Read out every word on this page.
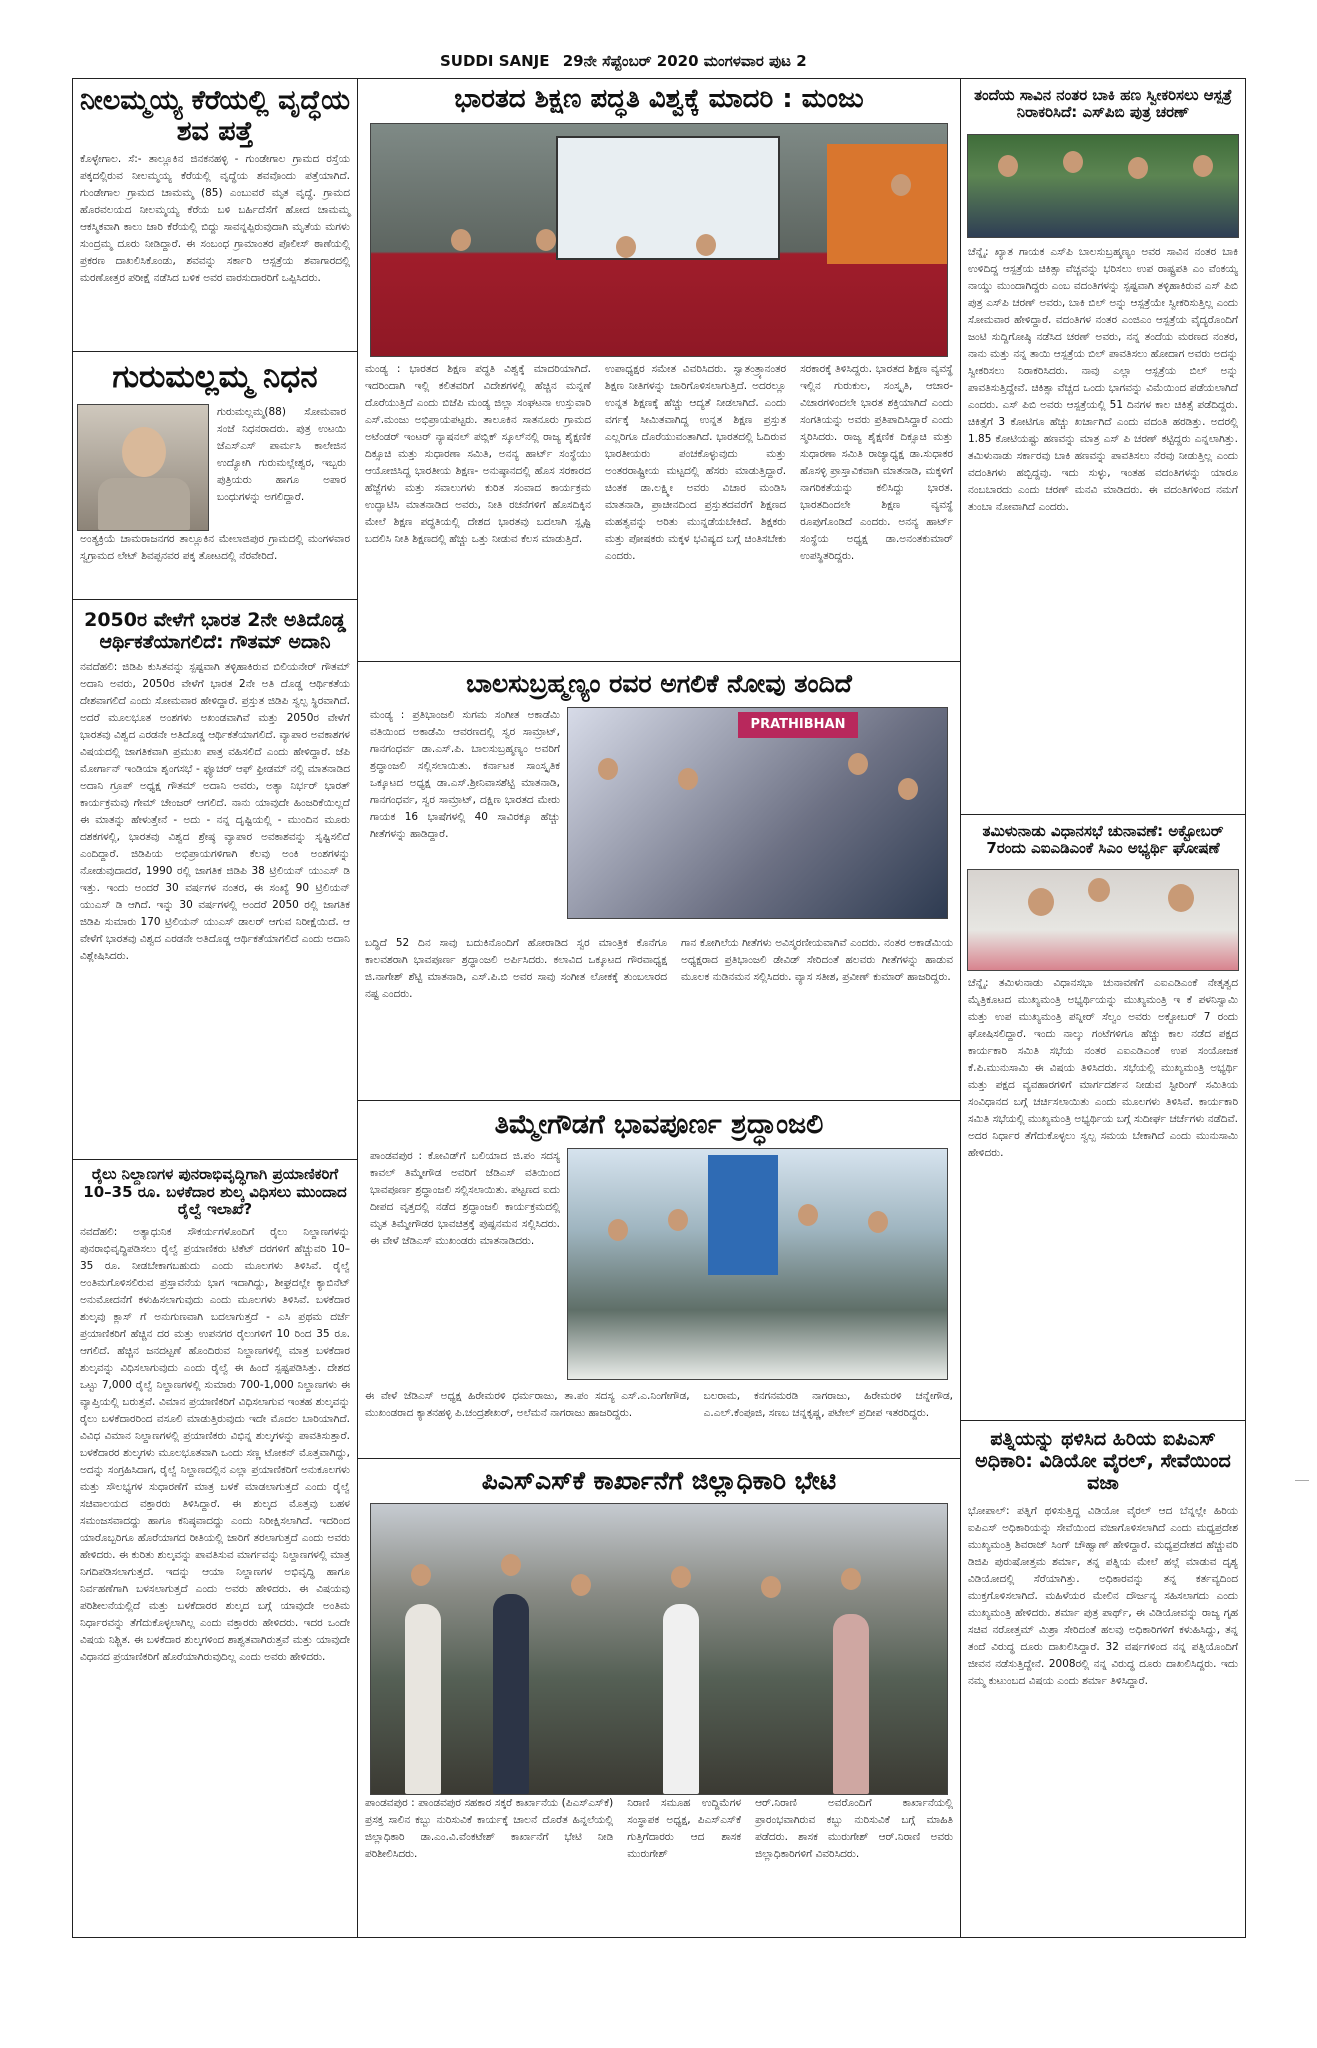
SUDDI SANJE 29ನೇ ಸೆಪ್ಟೆಂಬರ್ 2020 ಮಂಗಳವಾರ ಪುಟ 2
ನೀಲಮ್ಮಯ್ಯ ಕೆರೆಯಲ್ಲಿ ವೃದ್ಧೆಯ ಶವ ಪತ್ತೆ

ಕೊಳ್ಳೇಗಾಲ. ಸೆ:- ತಾಲ್ಲೂಕಿನ ಜಿನಕನಹಳ್ಳಿ - ಗುಂಡೇಗಾಲ ಗ್ರಾಮದ ರಸ್ತೆಯ ಪಕ್ಕದಲ್ಲಿರುವ ನೀಲಮ್ಮಯ್ಯ ಕೆರೆಯಲ್ಲಿ ವೃದ್ಧೆಯ ಶವವೊಂದು ಪತ್ತೆಯಾಗಿದೆ. ಗುಂಡೇಗಾಲ ಗ್ರಾಮದ ಚಾಮಮ್ಮ (85) ಎಂಬುವರೆ ಮೃತ ವೃದ್ಧೆ. ಗ್ರಾಮದ ಹೊರವಲಯದ ನೀಲಮ್ಮಯ್ಯ ಕೆರೆಯ ಬಳಿ ಬರ್ಹಿದೆಸೆಗೆ ಹೋದ ಚಾಮಮ್ಮ ಆಕಸ್ಮಿಕವಾಗಿ ಕಾಲು ಜಾರಿ ಕೆರೆಯಲ್ಲಿ ಬಿದ್ದು ಸಾವನ್ನಪ್ಪಿರುವುದಾಗಿ ಮೃತೆಯ ಮಗಳು ಸುಂದ್ರಮ್ಮ ದೂರು ನೀಡಿದ್ದಾರೆ. ಈ ಸಂಬಂಧ ಗ್ರಾಮಾಂತರ ಪೊಲೀಸ್ ಠಾಣೆಯಲ್ಲಿ ಪ್ರಕರಣ ದಾಖಲಿಸಿಕೊಂಡು, ಶವವನ್ನು ಸರ್ಕಾರಿ ಆಸ್ಪತ್ರೆಯ ಶವಾಗಾರದಲ್ಲಿ ಮರಣೋತ್ತರ ಪರೀಕ್ಷೆ ನಡೆಸಿದ ಬಳಿಕ ಅವರ ವಾರಸುದಾರರಿಗೆ ಒಪ್ಪಿಸಿದರು.

ಗುರುಮಲ್ಲಮ್ಮ ನಿಧನ

ಗುರುಮಲ್ಲಮ್ಮ(88) ಸೋಮವಾರ ಸಂಜೆ ನಿಧನರಾದರು. ಪುತ್ರ ಉಟಯಿ ಜೆಎಸ್‌ಎಸ್ ಪಾರ್ಮಸಿ ಕಾಲೇಜಿನ ಉದ್ಯೋಗಿ ಗುರುಮಲ್ಲೇಶ್ವರ, ಇಬ್ಬರು ಪುತ್ರಿಯರು ಹಾಗೂ ಅಪಾರ ಬಂಧುಗಳನ್ನು ಅಗಲಿದ್ದಾರೆ.

ಅಂತ್ಯಕ್ರಿಯೆ ಚಾಮರಾಜನಗರ ತಾಲ್ಲೂಕಿನ ಮೇಲಾಜಿಪುರ ಗ್ರಾಮದಲ್ಲಿ ಮಂಗಳವಾರ ಸ್ವಗ್ರಾಮದ ಲೇಟ್ ಶಿವಪ್ಪನವರ ಪಕ್ಕ ತೋಟದಲ್ಲಿ ನೆರವೇರಿದೆ.

2050ರ ವೇಳೆಗೆ ಭಾರತ 2ನೇ ಅತಿದೊಡ್ಡ ಆರ್ಥಿಕತೆಯಾಗಲಿದೆ: ಗೌತಮ್ ಅದಾನಿ

ನವದೆಹಲಿ: ಜಿಡಿಪಿ ಕುಸಿತವನ್ನು ಸ್ಪಷ್ಟವಾಗಿ ತಳ್ಳಿಹಾಕಿರುವ ಬಿಲಿಯನೇರ್ ಗೌತಮ್ ಅದಾನಿ ಅವರು, 2050ರ ವೇಳೆಗೆ ಭಾರತ 2ನೇ ಅತಿ ದೊಡ್ಡ ಆರ್ಥಿಕತೆಯ ದೇಶವಾಗಲಿದೆ ಎಂದು ಸೋಮವಾರ ಹೇಳಿದ್ದಾರೆ. ಪ್ರಸ್ತುತ ಜಿಡಿಪಿ ಸ್ವಲ್ಪ ಸ್ಥಿರವಾಗಿದೆ. ಅದರೆ ಮೂಲಭೂತ ಅಂಶಗಳು ಅಖಂಡವಾಗಿವೆ ಮತ್ತು 2050ರ ವೇಳೆಗೆ ಭಾರತವು ವಿಶ್ವದ ಎರಡನೇ ಅತಿದೊಡ್ಡ ಆರ್ಥಿಕತೆಯಾಗಲಿದೆ. ವ್ಯಾಪಾರ ಅವಕಾಶಗಳ ವಿಷಯದಲ್ಲಿ ಜಾಗತಿಕವಾಗಿ ಪ್ರಮುಖ ಪಾತ್ರ ವಹಿಸಲಿದೆ ಎಂದು ಹೇಳಿದ್ದಾರೆ. ಜೆಪಿ ಮೋರ್ಗಾನ್ ಇಂಡಿಯಾ ಶೃಂಗಸಭೆ - ಫ್ಯೂಚರ್ ಆಫ್ ಫ್ರೀಡಮ್ ನಲ್ಲಿ ಮಾತನಾಡಿದ ಅದಾನಿ ಗ್ರೂಪ್ ಅಧ್ಯಕ್ಷ ಗೌತಮ್ ಅದಾನಿ ಅವರು, ಅತ್ಯಾ ನಿರ್ಭರ್ ಭಾರತ್ ಕಾರ್ಯಕ್ರಮವು ಗೇಮ್ ಚೇಂಜರ್ ಆಗಲಿದೆ. ನಾನು ಯಾವುದೇ ಹಿಂಜರಿಕೆಯಿಲ್ಲದೆ ಈ ಮಾತನ್ನು ಹೇಳುತ್ತೇನೆ - ಅದು - ನನ್ನ ದೃಷ್ಟಿಯಲ್ಲಿ - ಮುಂದಿನ ಮೂರು ದಶಕಗಳಲ್ಲಿ, ಭಾರತವು ವಿಶ್ವದ ಶ್ರೇಷ್ಠ ವ್ಯಾಪಾರ ಅವಕಾಶವನ್ನು ಸೃಷ್ಟಿಸಲಿದೆ ಎಂದಿದ್ದಾರೆ. ಜಿಡಿಪಿಯ ಅಭಿಪ್ರಾಯಗಳಿಗಾಗಿ ಕೆಲವು ಅಂಕಿ ಅಂಶಗಳನ್ನು ನೋಡುವುದಾದರೆ, 1990 ರಲ್ಲಿ ಜಾಗತಿಕ ಜಿಡಿಪಿ 38 ಟ್ರಿಲಿಯನ್ ಯುಎಸ್ ಡಿ ಇತ್ತು. ಇಂದು ಅಂದರೆ 30 ವರ್ಷಗಳ ನಂತರ, ಈ ಸಂಖ್ಯೆ 90 ಟ್ರಿಲಿಯನ್ ಯುಎಸ್ ಡಿ ಆಗಿದೆ. ಇನ್ನು 30 ವರ್ಷಗಳಲ್ಲಿ ಅಂದರೆ 2050 ರಲ್ಲಿ ಜಾಗತಿಕ ಜಿಡಿಪಿ ಸುಮಾರು 170 ಟ್ರಿಲಿಯನ್ ಯುಎಸ್ ಡಾಲರ್ ಆಗುವ ನಿರೀಕ್ಷೆಯಿದೆ. ಆ ವೇಳೆಗೆ ಭಾರತವು ವಿಶ್ವದ ಎರಡನೇ ಅತಿದೊಡ್ಡ ಆರ್ಥಿಕತೆಯಾಗಲಿದೆ ಎಂದು ಅದಾನಿ ವಿಶ್ಲೇಷಿಸಿದರು.

ರೈಲು ನಿಲ್ದಾಣಗಳ ಪುನರಾಭಿವೃದ್ಧಿಗಾಗಿ ಪ್ರಯಾಣಿಕರಿಗೆ 10–35 ರೂ. ಬಳಕೆದಾರ ಶುಲ್ಕ ವಿಧಿಸಲು ಮುಂದಾದ ರೈಲ್ವೆ ಇಲಾಖೆ?

ನವದೆಹಲಿ: ಅತ್ಯಾಧುನಿಕ ಸೌಕರ್ಯಗಳೊಂದಿಗೆ ರೈಲು ನಿಲ್ದಾಣಗಳನ್ನು ಪುನರಾಭಿವೃದ್ಧಿಪಡಿಸಲು ರೈಲ್ವೆ ಪ್ರಯಾಣಿಕರು ಟಿಕೆಟ್ ದರಗಳಿಗೆ ಹೆಚ್ಚುವರಿ 10–35 ರೂ. ನೀಡಬೇಕಾಗಬಹುದು ಎಂದು ಮೂಲಗಳು ತಿಳಿಸಿವೆ. ರೈಲ್ವೆ ಅಂತಿಮಗೊಳಿಸಲಿರುವ ಪ್ರಸ್ತಾವನೆಯ ಭಾಗ ಇದಾಗಿದ್ದು, ಶೀಘ್ರದಲ್ಲೇ ಕ್ಯಾಬಿನೆಟ್ ಅನುಮೋದನೆಗೆ ಕಳುಹಿಸಲಾಗುವುದು ಎಂದು ಮೂಲಗಳು ತಿಳಿಸಿವೆ. ಬಳಕೆದಾರ ಶುಲ್ಕವು ಕ್ಲಾಸ್ ಗೆ ಅನುಗುಣವಾಗಿ ಬದಲಾಗುತ್ತದೆ - ಎಸಿ ಪ್ರಥಮ ದರ್ಜೆ ಪ್ರಯಾಣಿಕರಿಗೆ ಹೆಚ್ಚಿನ ದರ ಮತ್ತು ಉಪನಗರ ರೈಲುಗಳಿಗೆ 10 ರಿಂದ 35 ರೂ. ಆಗಲಿದೆ. ಹೆಚ್ಚಿನ ಜನದಟ್ಟಣೆ ಹೊಂದಿರುವ ನಿಲ್ದಾಣಗಳಲ್ಲಿ ಮಾತ್ರ ಬಳಕೆದಾರ ಶುಲ್ಕವನ್ನು ವಿಧಿಸಲಾಗುವುದು ಎಂದು ರೈಲ್ವೆ ಈ ಹಿಂದೆ ಸ್ಪಷ್ಟಪಡಿಸಿತ್ತು. ದೇಶದ ಒಟ್ಟು 7,000 ರೈಲ್ವೆ ನಿಲ್ದಾಣಗಳಲ್ಲಿ ಸುಮಾರು 700-1,000 ನಿಲ್ದಾಣಗಳು ಈ ವ್ಯಾಪ್ತಿಯಲ್ಲಿ ಬರುತ್ತವೆ. ವಿಮಾನ ಪ್ರಯಾಣಿಕರಿಗೆ ವಿಧಿಸಲಾಗುವ ಇಂತಹ ಶುಲ್ಕವನ್ನು ರೈಲು ಬಳಕೆದಾರರಿಂದ ವಸೂಲಿ ಮಾಡುತ್ತಿರುವುದು ಇದೇ ಮೊದಲ ಬಾರಿಯಾಗಿದೆ. ವಿವಿಧ ವಿಮಾನ ನಿಲ್ದಾಣಗಳಲ್ಲಿ ಪ್ರಯಾಣಿಕರು ವಿಭಿನ್ನ ಶುಲ್ಕಗಳನ್ನು ಪಾವತಿಸುತ್ತಾರೆ. ಬಳಕೆದಾರರ ಶುಲ್ಕಗಳು ಮೂಲಭೂತವಾಗಿ ಒಂದು ಸಣ್ಣ ಟೋಕನ್ ಮೊತ್ತವಾಗಿದ್ದು, ಅದನ್ನು ಸಂಗ್ರಹಿಸಿದಾಗ, ರೈಲ್ವೆ ನಿಲ್ದಾಣದಲ್ಲಿನ ಎಲ್ಲಾ ಪ್ರಯಾಣಿಕರಿಗೆ ಅನುಕೂಲಗಳು ಮತ್ತು ಸೌಲಭ್ಯಗಳ ಸುಧಾರಣೆಗೆ ಮಾತ್ರ ಬಳಕೆ ಮಾಡಲಾಗುತ್ತದೆ ಎಂದು ರೈಲ್ವೆ ಸಚಿವಾಲಯದ ವಕ್ತಾರರು ತಿಳಿಸಿದ್ದಾರೆ. ಈ ಶುಲ್ಕದ ಮೊತ್ತವು ಬಹಳ ಸಮಂಜಸವಾದದ್ದು ಹಾಗೂ ಕನಿಷ್ಠವಾದದ್ದು ಎಂದು ನಿರೀಕ್ಷಿಸಲಾಗಿದೆ. ಇದರಿಂದ ಯಾರೊಬ್ಬರಿಗೂ ಹೊರೆಯಾಗದ ರೀತಿಯಲ್ಲಿ ಜಾರಿಗೆ ತರಲಾಗುತ್ತದೆ ಎಂದು ಅವರು ಹೇಳಿದರು. ಈ ಕುರಿತು ಶುಲ್ಕವನ್ನು ಪಾವತಿಸುವ ಮಾರ್ಗವನ್ನು ನಿಲ್ದಾಣಗಳಲ್ಲಿ ಮಾತ್ರ ನಿಗದಿಪಡಿಸಲಾಗುತ್ತದೆ. ಇದನ್ನು ಆಯಾ ನಿಲ್ದಾಣಗಳ ಅಭಿವೃದ್ಧಿ ಹಾಗೂ ನಿರ್ವಹಣೆಗಾಗಿ ಬಳಸಲಾಗುತ್ತದೆ ಎಂದು ಅವರು ಹೇಳಿದರು. ಈ ವಿಷಯವು ಪರಿಶೀಲನೆಯಲ್ಲಿದೆ ಮತ್ತು ಬಳಕೆದಾರರ ಶುಲ್ಕದ ಬಗ್ಗೆ ಯಾವುದೇ ಅಂತಿಮ ನಿರ್ಧಾರವನ್ನು ತೆಗೆದುಕೊಳ್ಳಲಾಗಿಲ್ಲ ಎಂದು ವಕ್ತಾರರು ಹೇಳಿದರು. ಇದರ ಒಂದೇ ವಿಷಯ ನಿಶ್ಚಿತ. ಈ ಬಳಕೆದಾರ ಶುಲ್ಕಗಳಿಂದ ಶಾಶ್ವತವಾಗಿರುತ್ತವೆ ಮತ್ತು ಯಾವುದೇ ವಿಧಾನದ ಪ್ರಯಾಣಿಕರಿಗೆ ಹೊರೆಯಾಗಿರುವುದಿಲ್ಲ ಎಂದು ಅವರು ಹೇಳಿದರು.

ಭಾರತದ ಶಿಕ್ಷಣ ಪದ್ಧತಿ ವಿಶ್ವಕ್ಕೆ ಮಾದರಿ : ಮಂಜು

ಮಂಡ್ಯ : ಭಾರತದ ಶಿಕ್ಷಣ ಪದ್ಧತಿ ವಿಶ್ವಕ್ಕೆ ಮಾದರಿಯಾಗಿದೆ. ಇದರಿಂದಾಗಿ ಇಲ್ಲಿ ಕಲಿತವರಿಗೆ ವಿದೇಶಗಳಲ್ಲಿ ಹೆಚ್ಚಿನ ಮನ್ನಣೆ ದೊರೆಯುತ್ತಿದೆ ಎಂದು ಬಿಜೆಪಿ ಮಂಡ್ಯ ಜಿಲ್ಲಾ ಸಂಘಟನಾ ಉಸ್ತುವಾರಿ ಎಸ್.ಮಂಜು ಅಭಿಪ್ರಾಯಪಟ್ಟರು. ತಾಲೂಕಿನ ಸಾತನೂರು ಗ್ರಾಮದ ಅಟೆಂಡರ್ ಇಂಟರ್ ನ್ಯಾಷನಲ್ ಪಬ್ಲಿಕ್ ಸ್ಕೂಲ್‌ನಲ್ಲಿ ರಾಜ್ಯ ಶೈಕ್ಷಣಿಕ ದಿಕ್ಸೂಚಿ ಮತ್ತು ಸುಧಾರಣಾ ಸಮಿತಿ, ಅನನ್ಯ ಹಾರ್ಟ್ ಸಂಸ್ಥೆಯು ಆಯೋಜಿಸಿದ್ದ ಭಾರತೀಯ ಶಿಕ್ಷಣ- ಅನುಷ್ಠಾನದಲ್ಲಿ ಹೊಸ ಸರಕಾರದ ಹೆಜ್ಜೆಗಳು ಮತ್ತು ಸವಾಲುಗಳು ಕುರಿತ ಸಂವಾದ ಕಾರ್ಯಕ್ರಮ ಉದ್ಘಾಟಿಸಿ ಮಾತನಾಡಿದ ಅವರು, ನೀತಿ ರಚನೆಗಳಿಗೆ ಹೊಸದಿಕ್ಕಿನ ಮೇಲೆ ಶಿಕ್ಷಣ ಪದ್ಧತಿಯಲ್ಲಿ ದೇಶದ ಭಾರತವು ಬದಲಾಗಿ ಸ್ಪೃಷ್ಟಿ ಬದಲಿಸಿ ನೀತಿ ಶಿಕ್ಷಣದಲ್ಲಿ ಹೆಚ್ಚು ಒತ್ತು ನೀಡುವ ಕೆಲಸ ಮಾಡುತ್ತಿದೆ.

ಉಪಾಧ್ಯಕ್ಷರ ಸಮೇತ ವಿವರಿಸಿದರು. ಸ್ವಾತಂತ್ರ್ಯಾನಂತರ ಶಿಕ್ಷಣ ನೀತಿಗಳನ್ನು ಜಾರಿಗೊಳಿಸಲಾಗುತ್ತಿದೆ. ಅದರಲ್ಲೂ ಉನ್ನತ ಶಿಕ್ಷಣಕ್ಕೆ ಹೆಚ್ಚು ಆದ್ಯತೆ ನೀಡಲಾಗಿದೆ. ಎಂದು ವರ್ಗಕ್ಕೆ ಸೀಮಿತವಾಗಿದ್ದ ಉನ್ನತ ಶಿಕ್ಷಣ ಪ್ರಸ್ತುತ ಎಲ್ಲರಿಗೂ ದೊರೆಯುವಂತಾಗಿದೆ. ಭಾರತದಲ್ಲಿ ಓದಿರುವ ಭಾರತೀಯರು ಪಂಚಕೊಳ್ಳುವುದು ಮತ್ತು ಅಂತರರಾಷ್ಟ್ರೀಯ ಮಟ್ಟದಲ್ಲಿ ಹೆಸರು ಮಾಡುತ್ತಿದ್ದಾರೆ. ಚಿಂತಕ ಡಾ.ಲಕ್ಷ್ಮೀ ಅವರು ವಿಚಾರ ಮಂಡಿಸಿ ಮಾತನಾಡಿ, ಪ್ರಾಚೀನದಿಂದ ಪ್ರಸ್ತುತದವರೆಗೆ ಶಿಕ್ಷಣದ ಮಹತ್ವವನ್ನು ಅರಿತು ಮುನ್ನಡೆಯಬೇಕಿದೆ. ಶಿಕ್ಷಕರು ಮತ್ತು ಪೋಷಕರು ಮಕ್ಕಳ ಭವಿಷ್ಯದ ಬಗ್ಗೆ ಚಿಂತಿಸಬೇಕು ಎಂದರು.

ಸರಕಾರಕ್ಕೆ ತಿಳಿಸಿದ್ದರು. ಭಾರತದ ಶಿಕ್ಷಣ ವ್ಯವಸ್ಥೆ ಇಲ್ಲಿನ ಗುರುಕುಲ, ಸಂಸ್ಕೃತಿ, ಆಚಾರ-ವಿಚಾರಗಳಿಂದಲೇ ಭಾರತ ಶಕ್ತಿಯಾಗಿದೆ ಎಂದು ಸಂಗತಿಯನ್ನು ಅವರು ಪ್ರತಿಪಾದಿಸಿದ್ದಾರೆ ಎಂದು ಸ್ಮರಿಸಿದರು. ರಾಜ್ಯ ಶೈಕ್ಷಣಿಕ ದಿಕ್ಸೂಚಿ ಮತ್ತು ಸುಧಾರಣಾ ಸಮಿತಿ ರಾಜ್ಯಾಧ್ಯಕ್ಷ ಡಾ.ಸುಧಾಕರ ಹೊಸಳ್ಳಿ ಪ್ರಾಸ್ತಾವಿಕವಾಗಿ ಮಾತನಾಡಿ, ಮಕ್ಕಳಿಗೆ ನಾಗರಿಕತೆಯನ್ನು ಕಲಿಸಿದ್ದು ಭಾರತ. ಭಾರತದಿಂದಲೇ ಶಿಕ್ಷಣ ವ್ಯವಸ್ಥೆ ರೂಪುಗೊಂಡಿದೆ ಎಂದರು. ಅನನ್ಯ ಹಾರ್ಟ್ ಸಂಸ್ಥೆಯ ಅಧ್ಯಕ್ಷ ಡಾ.ಅನಂತಕುಮಾರ್ ಉಪಸ್ಥಿತರಿದ್ದರು.

ಬಾಲಸುಬ್ರಹ್ಮಣ್ಯಂ ರವರ ಅಗಲಿಕೆ ನೋವು ತಂದಿದೆ

ಮಂಡ್ಯ : ಪ್ರತಿಭಾಂಜಲಿ ಸುಗಮ ಸಂಗೀತ ಅಕಾಡೆಮಿ ವತಿಯಿಂದ ಅಕಾಡೆಮಿ ಆವರಣದಲ್ಲಿ ಸ್ವರ ಸಾಮ್ರಾಟ್, ಗಾನಗಂಧರ್ವ ಡಾ.ಎಸ್.ಪಿ. ಬಾಲಸುಬ್ರಹ್ಮಣ್ಯಂ ಅವರಿಗೆ ಶ್ರದ್ಧಾಂಜಲಿ ಸಲ್ಲಿಸಲಾಯಿತು. ಕರ್ನಾಟಕ ಸಾಂಸ್ಕೃತಿಕ ಒಕ್ಕೂಟದ ಅಧ್ಯಕ್ಷ ಡಾ.ಎಸ್.ಶ್ರೀನಿವಾಸಶೆಟ್ಟಿ ಮಾತನಾಡಿ, ಗಾನಗಂಧರ್ವ, ಸ್ವರ ಸಾಮ್ರಾಟ್, ದಕ್ಷಿಣ ಭಾರತದ ಮೇರು ಗಾಯಕ 16 ಭಾಷೆಗಳಲ್ಲಿ 40 ಸಾವಿರಕ್ಕೂ ಹೆಚ್ಚು ಗೀತೆಗಳನ್ನು ಹಾಡಿದ್ದಾರೆ.

PRATHIBHAN

ಬದ್ಧಿದೆ 52 ದಿನ ಸಾವು ಬದುಕಿನೊಂದಿಗೆ ಹೋರಾಡಿದ ಸ್ವರ ಮಾಂತ್ರಿಕ ಕೊನೆಗೂ ಕಾಲವಶರಾಗಿ ಭಾವಪೂರ್ಣ ಶ್ರದ್ಧಾಂಜಲಿ ಅರ್ಪಿಸಿದರು. ಕಲಾವಿದ ಒಕ್ಕೂಟದ ಗೌರವಾಧ್ಯಕ್ಷ ಜಿ.ನಾಗೇಶ್ ಶೆಟ್ಟಿ ಮಾತನಾಡಿ, ಎಸ್.ಪಿ.ಬಿ ಅವರ ಸಾವು ಸಂಗೀತ ಲೋಕಕ್ಕೆ ತುಂಬಲಾರದ ನಷ್ಟ ಎಂದರು.

ಗಾನ ಕೋಗಿಲೆಯ ಗೀತೆಗಳು ಅವಿಸ್ಮರಣೀಯವಾಗಿವೆ ಎಂದರು. ನಂತರ ಅಕಾಡೆಮಿಯ ಅಧ್ಯಕ್ಷರಾದ ಪ್ರತಿಭಾಂಜಲಿ ಡೇವಿಡ್ ಸೇರಿದಂತೆ ಹಲವರು ಗೀತೆಗಳನ್ನು ಹಾಡುವ ಮೂಲಕ ನುಡಿನಮನ ಸಲ್ಲಿಸಿದರು. ವ್ಯಾಸ ಸತೀಶ, ಪ್ರವೀಣ್ ಕುಮಾರ್ ಹಾಜರಿದ್ದರು.

ತಿಮ್ಮೇಗೌಡಗೆ ಭಾವಪೂರ್ಣ ಶ್ರದ್ಧಾಂಜಲಿ

ಪಾಂಡವಪುರ : ಕೋವಿಡ್‌ಗೆ ಬಲಿಯಾದ ಜಿ.ಪಂ ಸದಸ್ಯ ಕಾವಲ್ ತಿಮ್ಮೇಗೌಡ ಅವರಿಗೆ ಜೆಡಿಎಸ್ ವತಿಯಿಂದ ಭಾವಪೂರ್ಣ ಶ್ರದ್ಧಾಂಜಲಿ ಸಲ್ಲಿಸಲಾಯಿತು. ಪಟ್ಟಣದ ಐದು ದೀಪದ ವೃತ್ತದಲ್ಲಿ ನಡೆದ ಶ್ರದ್ಧಾಂಜಲಿ ಕಾರ್ಯಕ್ರಮದಲ್ಲಿ ಮೃತ ತಿಮ್ಮೇಗೌಡರ ಭಾವಚಿತ್ರಕ್ಕೆ ಪುಷ್ಪನಮನ ಸಲ್ಲಿಸಿದರು. ಈ ವೇಳೆ ಜೆಡಿಎಸ್ ಮುಖಂಡರು ಮಾತನಾಡಿದರು.

ಈ ವೇಳೆ ಜೆಡಿಎಸ್ ಅಧ್ಯಕ್ಷ ಹಿರೇಮರಳಿ ಧರ್ಮರಾಜು, ತಾ.ಪಂ ಸದಸ್ಯ ಎಸ್.ಎ.ನಿಂಗೇಗೌಡ, ಮುಖಂಡರಾದ ಕ್ಯಾತನಹಳ್ಳಿ ಪಿ.ಚಂದ್ರಶೇಖರ್, ಅಲೆಮನೆ ನಾಗರಾಜು ಹಾಜರಿದ್ದರು.

ಬಲರಾಮ, ಕನಗನಮರಡಿ ನಾಗರಾಜು, ಹಿರೇಮರಳಿ ಚನ್ನೇಗೌಡ, ಎ.ಎಲ್.ಕೆಂಪೂಜಿ, ಸಣಬ ಚನ್ನಕೃಷ್ಣ, ಪಟೇಲ್ ಪ್ರದೀಪ ಇತರರಿದ್ದರು.

ಪಿಎಸ್‌ಎಸ್‌ಕೆ ಕಾರ್ಖಾನೆಗೆ ಜಿಲ್ಲಾಧಿಕಾರಿ ಭೇಟಿ

ಪಾಂಡವಪುರ : ಪಾಂಡವಪುರ ಸಹಕಾರ ಸಕ್ಕರೆ ಕಾರ್ಖಾನೆಯ (ಪಿಎಸ್‌ಎಸ್‌ಕೆ) ಪ್ರಸಕ್ತ ಸಾಲಿನ ಕಬ್ಬು ನುರಿಸುವಿಕೆ ಕಾರ್ಯಕ್ಕೆ ಚಾಲನೆ ದೊರೆತ ಹಿನ್ನಲೆಯಲ್ಲಿ ಜಿಲ್ಲಾಧಿಕಾರಿ ಡಾ.ಎಂ.ವಿ.ವೆಂಕಟೇಶ್ ಕಾರ್ಖಾನೆಗೆ ಭೇಟಿ ನೀಡಿ ಪರಿಶೀಲಿಸಿದರು.

ನಿರಾಣಿ ಸಮೂಹ ಉದ್ದಿಮೆಗಳ ಸಂಸ್ಥಾಪಕ ಅಧ್ಯಕ್ಷ, ಪಿಎಸ್‌ಎಸ್‌ಕೆ ಗುತ್ತಿಗೆದಾರರು ಆದ ಶಾಸಕ ಮುರುಗೇಶ್

ಆರ್.ನಿರಾಣಿ ಅವರೊಂದಿಗೆ ಕಾರ್ಖಾನೆಯಲ್ಲಿ ಪ್ರಾರಂಭವಾಗಿರುವ ಕಬ್ಬು ನುರಿಸುವಿಕೆ ಬಗ್ಗೆ ಮಾಹಿತಿ ಪಡೆದರು. ಶಾಸಕ ಮುರುಗೇಶ್ ಆರ್.ನಿರಾಣಿ ಅವರು ಜಿಲ್ಲಾಧಿಕಾರಿಗಳಿಗೆ ವಿವರಿಸಿದರು.

ತಂದೆಯ ಸಾವಿನ ನಂತರ ಬಾಕಿ ಹಣ ಸ್ವೀಕರಿಸಲು ಆಸ್ಪತ್ರೆ ನಿರಾಕರಿಸಿದೆ: ಎಸ್‌ಪಿಬಿ ಪುತ್ರ ಚರಣ್

ಚೆನ್ನೈ: ಖ್ಯಾತ ಗಾಯಕ ಎಸ್‌ಪಿ ಬಾಲಸುಬ್ರಹ್ಮಣ್ಯಂ ಅವರ ಸಾವಿನ ನಂತರ ಬಾಕಿ ಉಳಿದಿದ್ದ ಆಸ್ಪತ್ರೆಯ ಚಿಕಿತ್ಸಾ ವೆಚ್ಚವನ್ನು ಭರಿಸಲು ಉಪ ರಾಷ್ಟ್ರಪತಿ ಎಂ ವೆಂಕಯ್ಯ ನಾಯ್ಡು ಮುಂದಾಗಿದ್ದರು ಎಂಬ ವದಂತಿಗಳನ್ನು ಸ್ಪಷ್ಟವಾಗಿ ತಳ್ಳಿಹಾಕಿರುವ ಎಸ್ ಪಿಬಿ ಪುತ್ರ ಎಸ್‌ಪಿ ಚರಣ್ ಅವರು, ಬಾಕಿ ಬಿಲ್ ಅನ್ನು ಆಸ್ಪತ್ರೆಯೇ ಸ್ವೀಕರಿಸುತ್ತಿಲ್ಲ ಎಂದು ಸೋಮವಾರ ಹೇಳಿದ್ದಾರೆ. ವದಂತಿಗಳ ನಂತರ ಎಂಜಿಎಂ ಆಸ್ಪತ್ರೆಯ ವೈದ್ಯರೊಂದಿಗೆ ಜಂಟಿ ಸುದ್ದಿಗೋಷ್ಠಿ ನಡೆಸಿದ ಚರಣ್ ಅವರು, ನನ್ನ ತಂದೆಯ ಮರಣದ ನಂತರ, ನಾನು ಮತ್ತು ನನ್ನ ತಾಯಿ ಆಸ್ಪತ್ರೆಯ ಬಿಲ್ ಪಾವತಿಸಲು ಹೋದಾಗ ಅವರು ಅದನ್ನು ಸ್ವೀಕರಿಸಲು ನಿರಾಕರಿಸಿದರು. ನಾವು ಎಲ್ಲಾ ಆಸ್ಪತ್ರೆಯ ಬಿಲ್ ಅನ್ನು ಪಾವತಿಸುತ್ತಿದ್ದೇವೆ. ಚಿಕಿತ್ಸಾ ವೆಚ್ಚದ ಒಂದು ಭಾಗವನ್ನು ವಿಮೆಯಿಂದ ಪಡೆಯಲಾಗಿದೆ ಎಂದರು. ಎಸ್ ಪಿಬಿ ಅವರು ಆಸ್ಪತ್ರೆಯಲ್ಲಿ 51 ದಿನಗಳ ಕಾಲ ಚಿಕಿತ್ಸೆ ಪಡೆದಿದ್ದರು. ಚಿಕಿತ್ಸೆಗೆ 3 ಕೋಟಿಗೂ ಹೆಚ್ಚು ಖರ್ಚಾಗಿದೆ ಎಂದು ವದಂತಿ ಹರಡಿತ್ತು. ಅದರಲ್ಲಿ 1.85 ಕೋಟಿಯಷ್ಟು ಹಣವನ್ನು ಮಾತ್ರ ಎಸ್ ಪಿ ಚರಣ್ ಕಟ್ಟಿದ್ದರು ಎನ್ನಲಾಗಿತ್ತು. ತಮಿಳುನಾಡು ಸರ್ಕಾರವು ಬಾಕಿ ಹಣವನ್ನು ಪಾವತಿಸಲು ನೆರವು ನೀಡುತ್ತಿಲ್ಲ ಎಂದು ವದಂತಿಗಳು ಹಬ್ಬಿದ್ದವು. ಇದು ಸುಳ್ಳು, ಇಂತಹ ವದಂತಿಗಳನ್ನು ಯಾರೂ ನಂಬಬಾರದು ಎಂದು ಚರಣ್ ಮನವಿ ಮಾಡಿದರು. ಈ ವದಂತಿಗಳಿಂದ ನಮಗೆ ತುಂಬಾ ನೋವಾಗಿದೆ ಎಂದರು.

ತಮಿಳುನಾಡು ವಿಧಾನಸಭೆ ಚುನಾವಣೆ: ಅಕ್ಟೋಬರ್ 7ರಂದು ಎಐಎಡಿಎಂಕೆ ಸಿಎಂ ಅಭ್ಯರ್ಥಿ ಘೋಷಣೆ

ಚೆನ್ನೈ: ತಮಿಳುನಾಡು ವಿಧಾನಸಭಾ ಚುನಾವಣೆಗೆ ಎಐಎಡಿಎಂಕೆ ನೇತೃತ್ವದ ಮೈತ್ರಿಕೂಟದ ಮುಖ್ಯಮಂತ್ರಿ ಅಭ್ಯರ್ಥಿಯನ್ನು ಮುಖ್ಯಮಂತ್ರಿ ಇ ಕೆ ಪಳನಿಸ್ವಾಮಿ ಮತ್ತು ಉಪ ಮುಖ್ಯಮಂತ್ರಿ ಪನ್ನೀರ್ ಸೆಲ್ವಂ ಅವರು ಅಕ್ಟೋಬರ್ 7 ರಂದು ಘೋಷಿಸಲಿದ್ದಾರೆ. ಇಂದು ನಾಲ್ಕು ಗಂಟೆಗಳಿಗೂ ಹೆಚ್ಚು ಕಾಲ ನಡೆದ ಪಕ್ಷದ ಕಾರ್ಯಕಾರಿ ಸಮಿತಿ ಸಭೆಯ ನಂತರ ಎಐಎಡಿಎಂಕೆ ಉಪ ಸಂಯೋಜಕ ಕೆ.ಪಿ.ಮುನುಸಾಮಿ ಈ ವಿಷಯ ತಿಳಿಸಿದರು. ಸಭೆಯಲ್ಲಿ ಮುಖ್ಯಮಂತ್ರಿ ಅಭ್ಯರ್ಥಿ ಮತ್ತು ಪಕ್ಷದ ವ್ಯವಹಾರಗಳಿಗೆ ಮಾರ್ಗದರ್ಶನ ನೀಡುವ ಸ್ಟೀರಿಂಗ್ ಸಮಿತಿಯ ಸಂವಿಧಾನದ ಬಗ್ಗೆ ಚರ್ಚಿಸಲಾಯಿತು ಎಂದು ಮೂಲಗಳು ತಿಳಿಸಿವೆ. ಕಾರ್ಯಕಾರಿ ಸಮಿತಿ ಸಭೆಯಲ್ಲಿ ಮುಖ್ಯಮಂತ್ರಿ ಅಭ್ಯರ್ಥಿಯ ಬಗ್ಗೆ ಸುದೀರ್ಘ ಚರ್ಚೆಗಳು ನಡೆದಿವೆ. ಅದರ ನಿರ್ಧಾರ ತೆಗೆದುಕೊಳ್ಳಲು ಸ್ವಲ್ಪ ಸಮಯ ಬೇಕಾಗಿದೆ ಎಂದು ಮುನುಸಾಮಿ ಹೇಳಿದರು.

ಪತ್ನಿಯನ್ನು ಥಳಿಸಿದ ಹಿರಿಯ ಐಪಿಎಸ್ ಅಧಿಕಾರಿ: ವಿಡಿಯೋ ವೈರಲ್, ಸೇವೆಯಿಂದ ವಜಾ

ಭೋಪಾಲ್: ಪತ್ನಿಗೆ ಥಳಿಸುತ್ತಿದ್ದ ವಿಡಿಯೋ ವೈರಲ್ ಆದ ಬೆನ್ನಲ್ಲೇ ಹಿರಿಯ ಐಪಿಎಸ್ ಅಧಿಕಾರಿಯನ್ನು ಸೇವೆಯಿಂದ ವಜಾಗೊಳಿಸಲಾಗಿದೆ ಎಂದು ಮಧ್ಯಪ್ರದೇಶ ಮುಖ್ಯಮಂತ್ರಿ ಶಿವರಾಜ್ ಸಿಂಗ್ ಚೌಹ್ವಾಣ್ ಹೇಳಿದ್ದಾರೆ. ಮಧ್ಯಪ್ರದೇಶದ ಹೆಚ್ಚುವರಿ ಡಿಜಿಪಿ ಪುರುಷೋತ್ತಮ ಶರ್ಮಾ, ತನ್ನ ಪತ್ನಿಯ ಮೇಲೆ ಹಲ್ಲೆ ಮಾಡುವ ದೃಶ್ಯ ವಿಡಿಯೋದಲ್ಲಿ ಸೆರೆಯಾಗಿತ್ತು. ಅಧಿಕಾರವನ್ನು ತನ್ನ ಕರ್ತವ್ಯದಿಂದ ಮುಕ್ತಗೊಳಿಸಲಾಗಿದೆ. ಮಹಿಳೆಯರ ಮೇಲಿನ ದೌರ್ಜನ್ಯ ಸಹಿಸಲಾಗದು ಎಂದು ಮುಖ್ಯಮಂತ್ರಿ ಹೇಳಿದರು. ಶರ್ಮಾ ಪುತ್ರ ಪಾರ್ಥ್, ಈ ವಿಡಿಯೋವನ್ನು ರಾಜ್ಯ ಗೃಹ ಸಚಿವ ನರೋತ್ತಮ್ ಮಿಶ್ರಾ ಸೇರಿದಂತೆ ಹಲವು ಅಧಿಕಾರಿಗಳಿಗೆ ಕಳುಹಿಸಿದ್ದು, ತನ್ನ ತಂದೆ ವಿರುದ್ಧ ದೂರು ದಾಖಲಿಸಿದ್ದಾರೆ. 32 ವರ್ಷಗಳಿಂದ ನನ್ನ ಪತ್ನಿಯೊಂದಿಗೆ ಜೀವನ ನಡೆಸುತ್ತಿದ್ದೇನೆ. 2008ರಲ್ಲಿ ನನ್ನ ವಿರುದ್ಧ ದೂರು ದಾಖಲಿಸಿದ್ದರು. ಇದು ನಮ್ಮ ಕುಟುಂಬದ ವಿಷಯ ಎಂದು ಶರ್ಮಾ ತಿಳಿಸಿದ್ದಾರೆ.
